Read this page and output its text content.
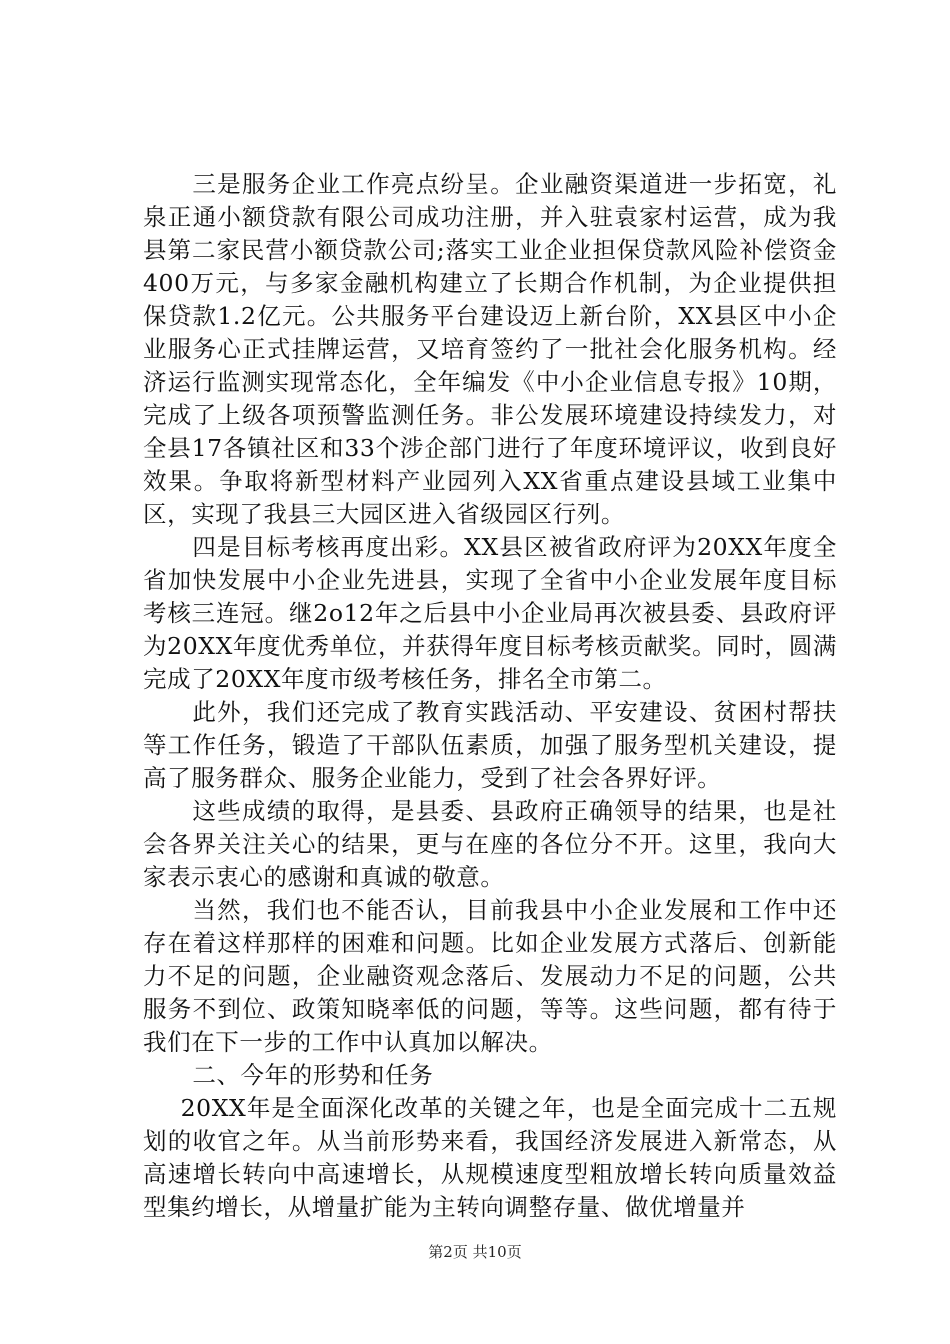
三是服务企业工作亮点纷呈。企业融资渠道进一步拓宽，礼泉正通小额贷款有限公司成功注册，并入驻袁家村运营，成为我县第二家民营小额贷款公司;落实工业企业担保贷款风险补偿资金400万元，与多家金融机构建立了长期合作机制，为企业提供担保贷款1.2亿元。公共服务平台建设迈上新台阶，XX县区中小企业服务心正式挂牌运营，又培育签约了一批社会化服务机构。经济运行监测实现常态化，全年编发《中小企业信息专报》10期，完成了上级各项预警监测任务。非公发展环境建设持续发力，对全县17各镇社区和33个涉企部门进行了年度环境评议，收到良好效果。争取将新型材料产业园列入XX省重点建设县域工业集中区，实现了我县三大园区进入省级园区行列。

四是目标考核再度出彩。XX县区被省政府评为20XX年度全省加快发展中小企业先进县，实现了全省中小企业发展年度目标考核三连冠。继2o12年之后县中小企业局再次被县委、县政府评为20XX年度优秀单位，并获得年度目标考核贡献奖。同时，圆满完成了20XX年度市级考核任务，排名全市第二。

此外，我们还完成了教育实践活动、平安建设、贫困村帮扶等工作任务，锻造了干部队伍素质，加强了服务型机关建设，提高了服务群众、服务企业能力，受到了社会各界好评。

这些成绩的取得，是县委、县政府正确领导的结果，也是社会各界关注关心的结果，更与在座的各位分不开。这里，我向大家表示衷心的感谢和真诚的敬意。

当然，我们也不能否认，目前我县中小企业发展和工作中还存在着这样那样的困难和问题。比如企业发展方式落后、创新能力不足的问题，企业融资观念落后、发展动力不足的问题，公共服务不到位、政策知晓率低的问题，等等。这些问题，都有待于我们在下一步的工作中认真加以解决。

二、今年的形势和任务

20XX年是全面深化改革的关键之年，也是全面完成十二五规划的收官之年。从当前形势来看，我国经济发展进入新常态，从高速增长转向中高速增长，从规模速度型粗放增长转向质量效益型集约增长，从增量扩能为主转向调整存量、做优增量并

第2页 共10页
